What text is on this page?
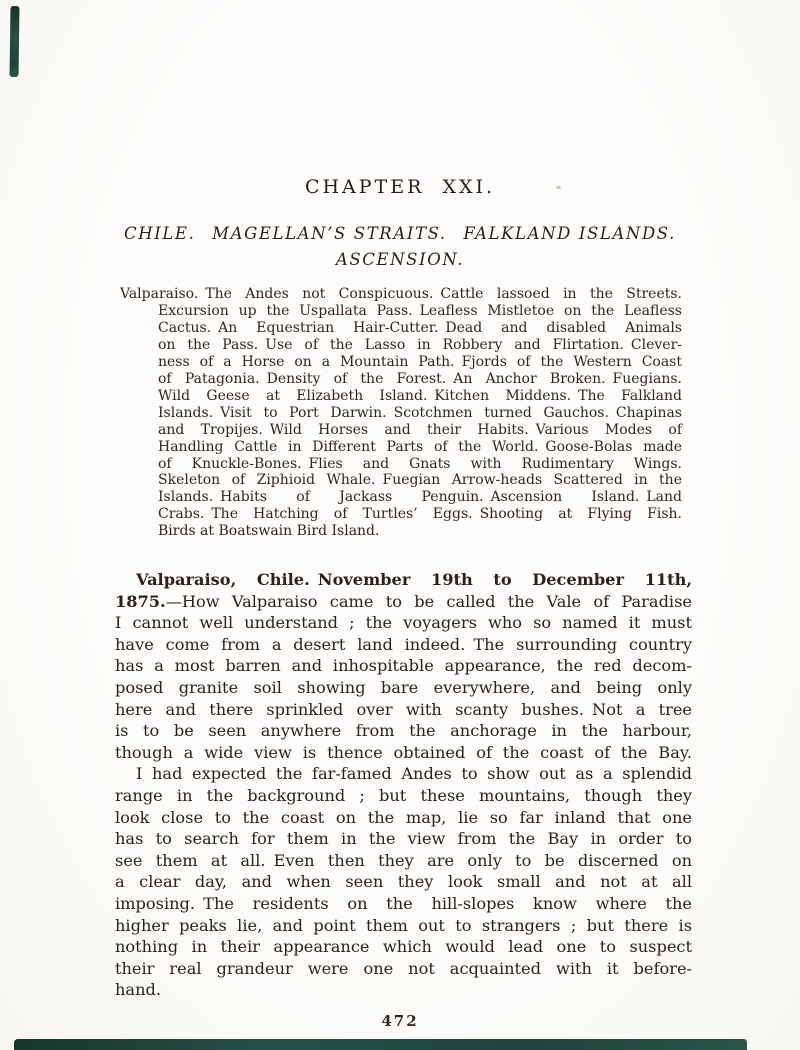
CHAPTER XXI.
CHILE.  MAGELLAN’S STRAITS.  FALKLAND ISLANDS.
ASCENSION.
Valparaiso. The Andes not Conspicuous. Cattle lassoed in the Streets.
Excursion up the Uspallata Pass. Leafless Mistletoe on the Leafless
Cactus. An Equestrian Hair-Cutter. Dead and disabled Animals
on the Pass. Use of the Lasso in Robbery and Flirtation. Clever-
ness of a Horse on a Mountain Path. Fjords of the Western Coast
of Patagonia. Density of the Forest. An Anchor Broken. Fuegians.
Wild Geese at Elizabeth Island. Kitchen Middens. The Falkland
Islands. Visit to Port Darwin. Scotchmen turned Gauchos. Chapinas
and Tropijes. Wild Horses and their Habits. Various Modes of
Handling Cattle in Different Parts of the World. Goose-Bolas made
of Knuckle-Bones. Flies and Gnats with Rudimentary Wings.
Skeleton of Ziphioid Whale. Fuegian Arrow-heads Scattered in the
Islands. Habits of Jackass Penguin. Ascension Island. Land
Crabs. The Hatching of Turtles’ Eggs. Shooting at Flying Fish.
Birds at Boatswain Bird Island.
Valparaiso, Chile. November 19th to December 11th,
1875.—How Valparaiso came to be called the Vale of Paradise
I cannot well understand ; the voyagers who so named it must
have come from a desert land indeed. The surrounding country
has a most barren and inhospitable appearance, the red decom-
posed granite soil showing bare everywhere, and being only
here and there sprinkled over with scanty bushes. Not a tree
is to be seen anywhere from the anchorage in the harbour,
though a wide view is thence obtained of the coast of the Bay.
I had expected the far-famed Andes to show out as a splendid
range in the background ; but these mountains, though they
look close to the coast on the map, lie so far inland that one
has to search for them in the view from the Bay in order to
see them at all. Even then they are only to be discerned on
a clear day, and when seen they look small and not at all
imposing. The residents on the hill-slopes know where the
higher peaks lie, and point them out to strangers ; but there is
nothing in their appearance which would lead one to suspect
their real grandeur were one not acquainted with it before-
hand.
472
